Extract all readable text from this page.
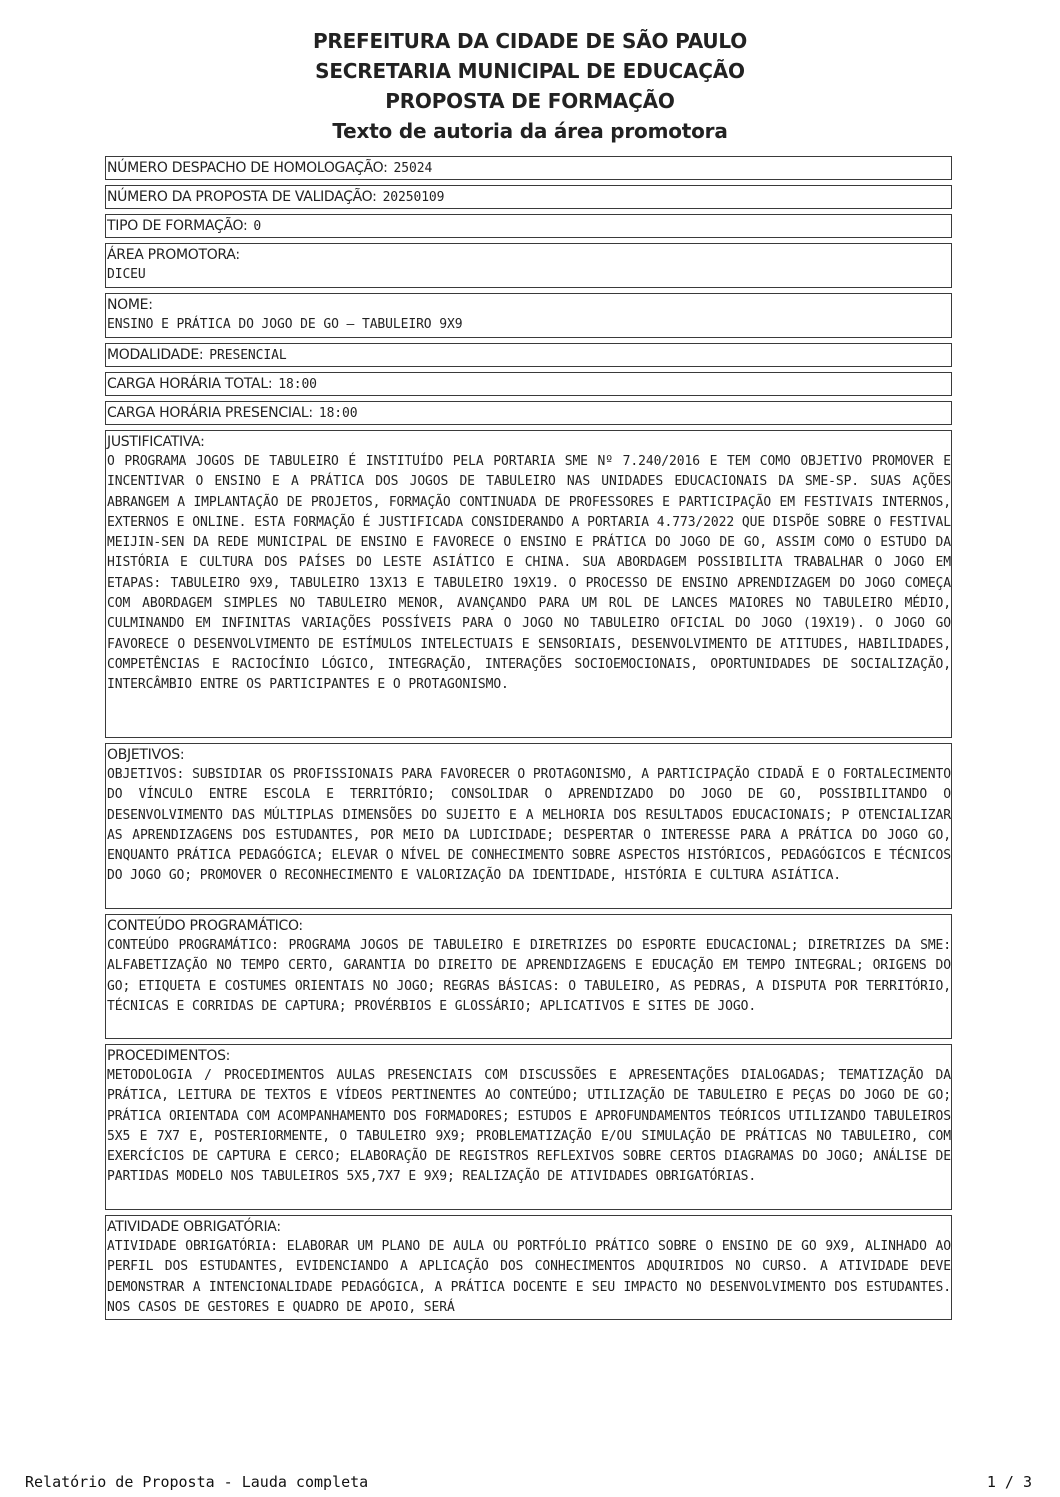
PREFEITURA DA CIDADE DE SÃO PAULO
SECRETARIA MUNICIPAL DE EDUCAÇÃO
PROPOSTA DE FORMAÇÃO
Texto de autoria da área promotora
NÚMERO DESPACHO DE HOMOLOGAÇÃO: 25024
NÚMERO DA PROPOSTA DE VALIDAÇÃO: 20250109
TIPO DE FORMAÇÃO: 0
ÁREA PROMOTORA:
DICEU
NOME:
ENSINO E PRÁTICA DO JOGO DE GO – TABULEIRO 9X9
MODALIDADE: PRESENCIAL
CARGA HORÁRIA TOTAL: 18:00
CARGA HORÁRIA PRESENCIAL: 18:00
JUSTIFICATIVA:
O PROGRAMA JOGOS DE TABULEIRO É INSTITUÍDO PELA PORTARIA SME Nº 7.240/2016 E TEM COMO OBJETIVO PROMOVER E INCENTIVAR O ENSINO E A PRÁTICA DOS JOGOS DE TABULEIRO NAS UNIDADES EDUCACIONAIS DA SME-SP. SUAS AÇÕES ABRANGEM A IMPLANTAÇÃO DE PROJETOS, FORMAÇÃO CONTINUADA DE PROFESSORES E PARTICIPAÇÃO EM FESTIVAIS INTERNOS, EXTERNOS E ONLINE. ESTA FORMAÇÃO É JUSTIFICADA CONSIDERANDO A PORTARIA 4.773/2022 QUE DISPÕE SOBRE O FESTIVAL MEIJIN-SEN DA REDE MUNICIPAL DE ENSINO E FAVORECE O ENSINO E PRÁTICA DO JOGO DE GO, ASSIM COMO O ESTUDO DA HISTÓRIA E CULTURA DOS PAÍSES DO LESTE ASIÁTICO E CHINA. SUA ABORDAGEM POSSIBILITA TRABALHAR O JOGO EM ETAPAS: TABULEIRO 9X9, TABULEIRO 13X13 E TABULEIRO 19X19. O PROCESSO DE ENSINO APRENDIZAGEM DO JOGO COMEÇA COM ABORDAGEM SIMPLES NO TABULEIRO MENOR, AVANÇANDO PARA UM ROL DE LANCES MAIORES NO TABULEIRO MÉDIO, CULMINANDO EM INFINITAS VARIAÇÕES POSSÍVEIS PARA O JOGO NO TABULEIRO OFICIAL DO JOGO (19X19). O JOGO GO FAVORECE O DESENVOLVIMENTO DE ESTÍMULOS INTELECTUAIS E SENSORIAIS, DESENVOLVIMENTO DE ATITUDES, HABILIDADES, COMPETÊNCIAS E RACIOCÍNIO LÓGICO, INTEGRAÇÃO, INTERAÇÕES SOCIOEMOCIONAIS, OPORTUNIDADES DE SOCIALIZAÇÃO, INTERCÂMBIO ENTRE OS PARTICIPANTES E O PROTAGONISMO.
OBJETIVOS:
OBJETIVOS: SUBSIDIAR OS PROFISSIONAIS PARA FAVORECER O PROTAGONISMO, A PARTICIPAÇÃO CIDADÃ E O FORTALECIMENTO DO VÍNCULO ENTRE ESCOLA E TERRITÓRIO; CONSOLIDAR O APRENDIZADO DO JOGO DE GO, POSSIBILITANDO O DESENVOLVIMENTO DAS MÚLTIPLAS DIMENSÕES DO SUJEITO E A MELHORIA DOS RESULTADOS EDUCACIONAIS; P OTENCIALIZAR AS APRENDIZAGENS DOS ESTUDANTES, POR MEIO DA LUDICIDADE; DESPERTAR O INTERESSE PARA A PRÁTICA DO JOGO GO, ENQUANTO PRÁTICA PEDAGÓGICA; ELEVAR O NÍVEL DE CONHECIMENTO SOBRE ASPECTOS HISTÓRICOS, PEDAGÓGICOS E TÉCNICOS DO JOGO GO; PROMOVER O RECONHECIMENTO E VALORIZAÇÃO DA IDENTIDADE, HISTÓRIA E CULTURA ASIÁTICA.
CONTEÚDO PROGRAMÁTICO:
CONTEÚDO PROGRAMÁTICO: PROGRAMA JOGOS DE TABULEIRO E DIRETRIZES DO ESPORTE EDUCACIONAL; DIRETRIZES DA SME: ALFABETIZAÇÃO NO TEMPO CERTO, GARANTIA DO DIREITO DE APRENDIZAGENS E EDUCAÇÃO EM TEMPO INTEGRAL; ORIGENS DO GO; ETIQUETA E COSTUMES ORIENTAIS NO JOGO; REGRAS BÁSICAS: O TABULEIRO, AS PEDRAS, A DISPUTA POR TERRITÓRIO, TÉCNICAS E CORRIDAS DE CAPTURA; PROVÉRBIOS E GLOSSÁRIO; APLICATIVOS E SITES DE JOGO.
PROCEDIMENTOS:
METODOLOGIA / PROCEDIMENTOS AULAS PRESENCIAIS COM DISCUSSÕES E APRESENTAÇÕES DIALOGADAS; TEMATIZAÇÃO DA PRÁTICA, LEITURA DE TEXTOS E VÍDEOS PERTINENTES AO CONTEÚDO; UTILIZAÇÃO DE TABULEIRO E PEÇAS DO JOGO DE GO; PRÁTICA ORIENTADA COM ACOMPANHAMENTO DOS FORMADORES; ESTUDOS E APROFUNDAMENTOS TEÓRICOS UTILIZANDO TABULEIROS 5X5 E 7X7 E, POSTERIORMENTE, O TABULEIRO 9X9; PROBLEMATIZAÇÃO E/OU SIMULAÇÃO DE PRÁTICAS NO TABULEIRO, COM EXERCÍCIOS DE CAPTURA E CERCO; ELABORAÇÃO DE REGISTROS REFLEXIVOS SOBRE CERTOS DIAGRAMAS DO JOGO; ANÁLISE DE PARTIDAS MODELO NOS TABULEIROS 5X5,7X7 E 9X9; REALIZAÇÃO DE ATIVIDADES OBRIGATÓRIAS.
ATIVIDADE OBRIGATÓRIA:
ATIVIDADE OBRIGATÓRIA: ELABORAR UM PLANO DE AULA OU PORTFÓLIO PRÁTICO SOBRE O ENSINO DE GO 9X9, ALINHADO AO PERFIL DOS ESTUDANTES, EVIDENCIANDO A APLICAÇÃO DOS CONHECIMENTOS ADQUIRIDOS NO CURSO. A ATIVIDADE DEVE DEMONSTRAR A INTENCIONALIDADE PEDAGÓGICA, A PRÁTICA DOCENTE E SEU IMPACTO NO DESENVOLVIMENTO DOS ESTUDANTES. NOS CASOS DE GESTORES E QUADRO DE APOIO, SERÁ
Relatório de Proposta - Lauda completa	1 / 3
